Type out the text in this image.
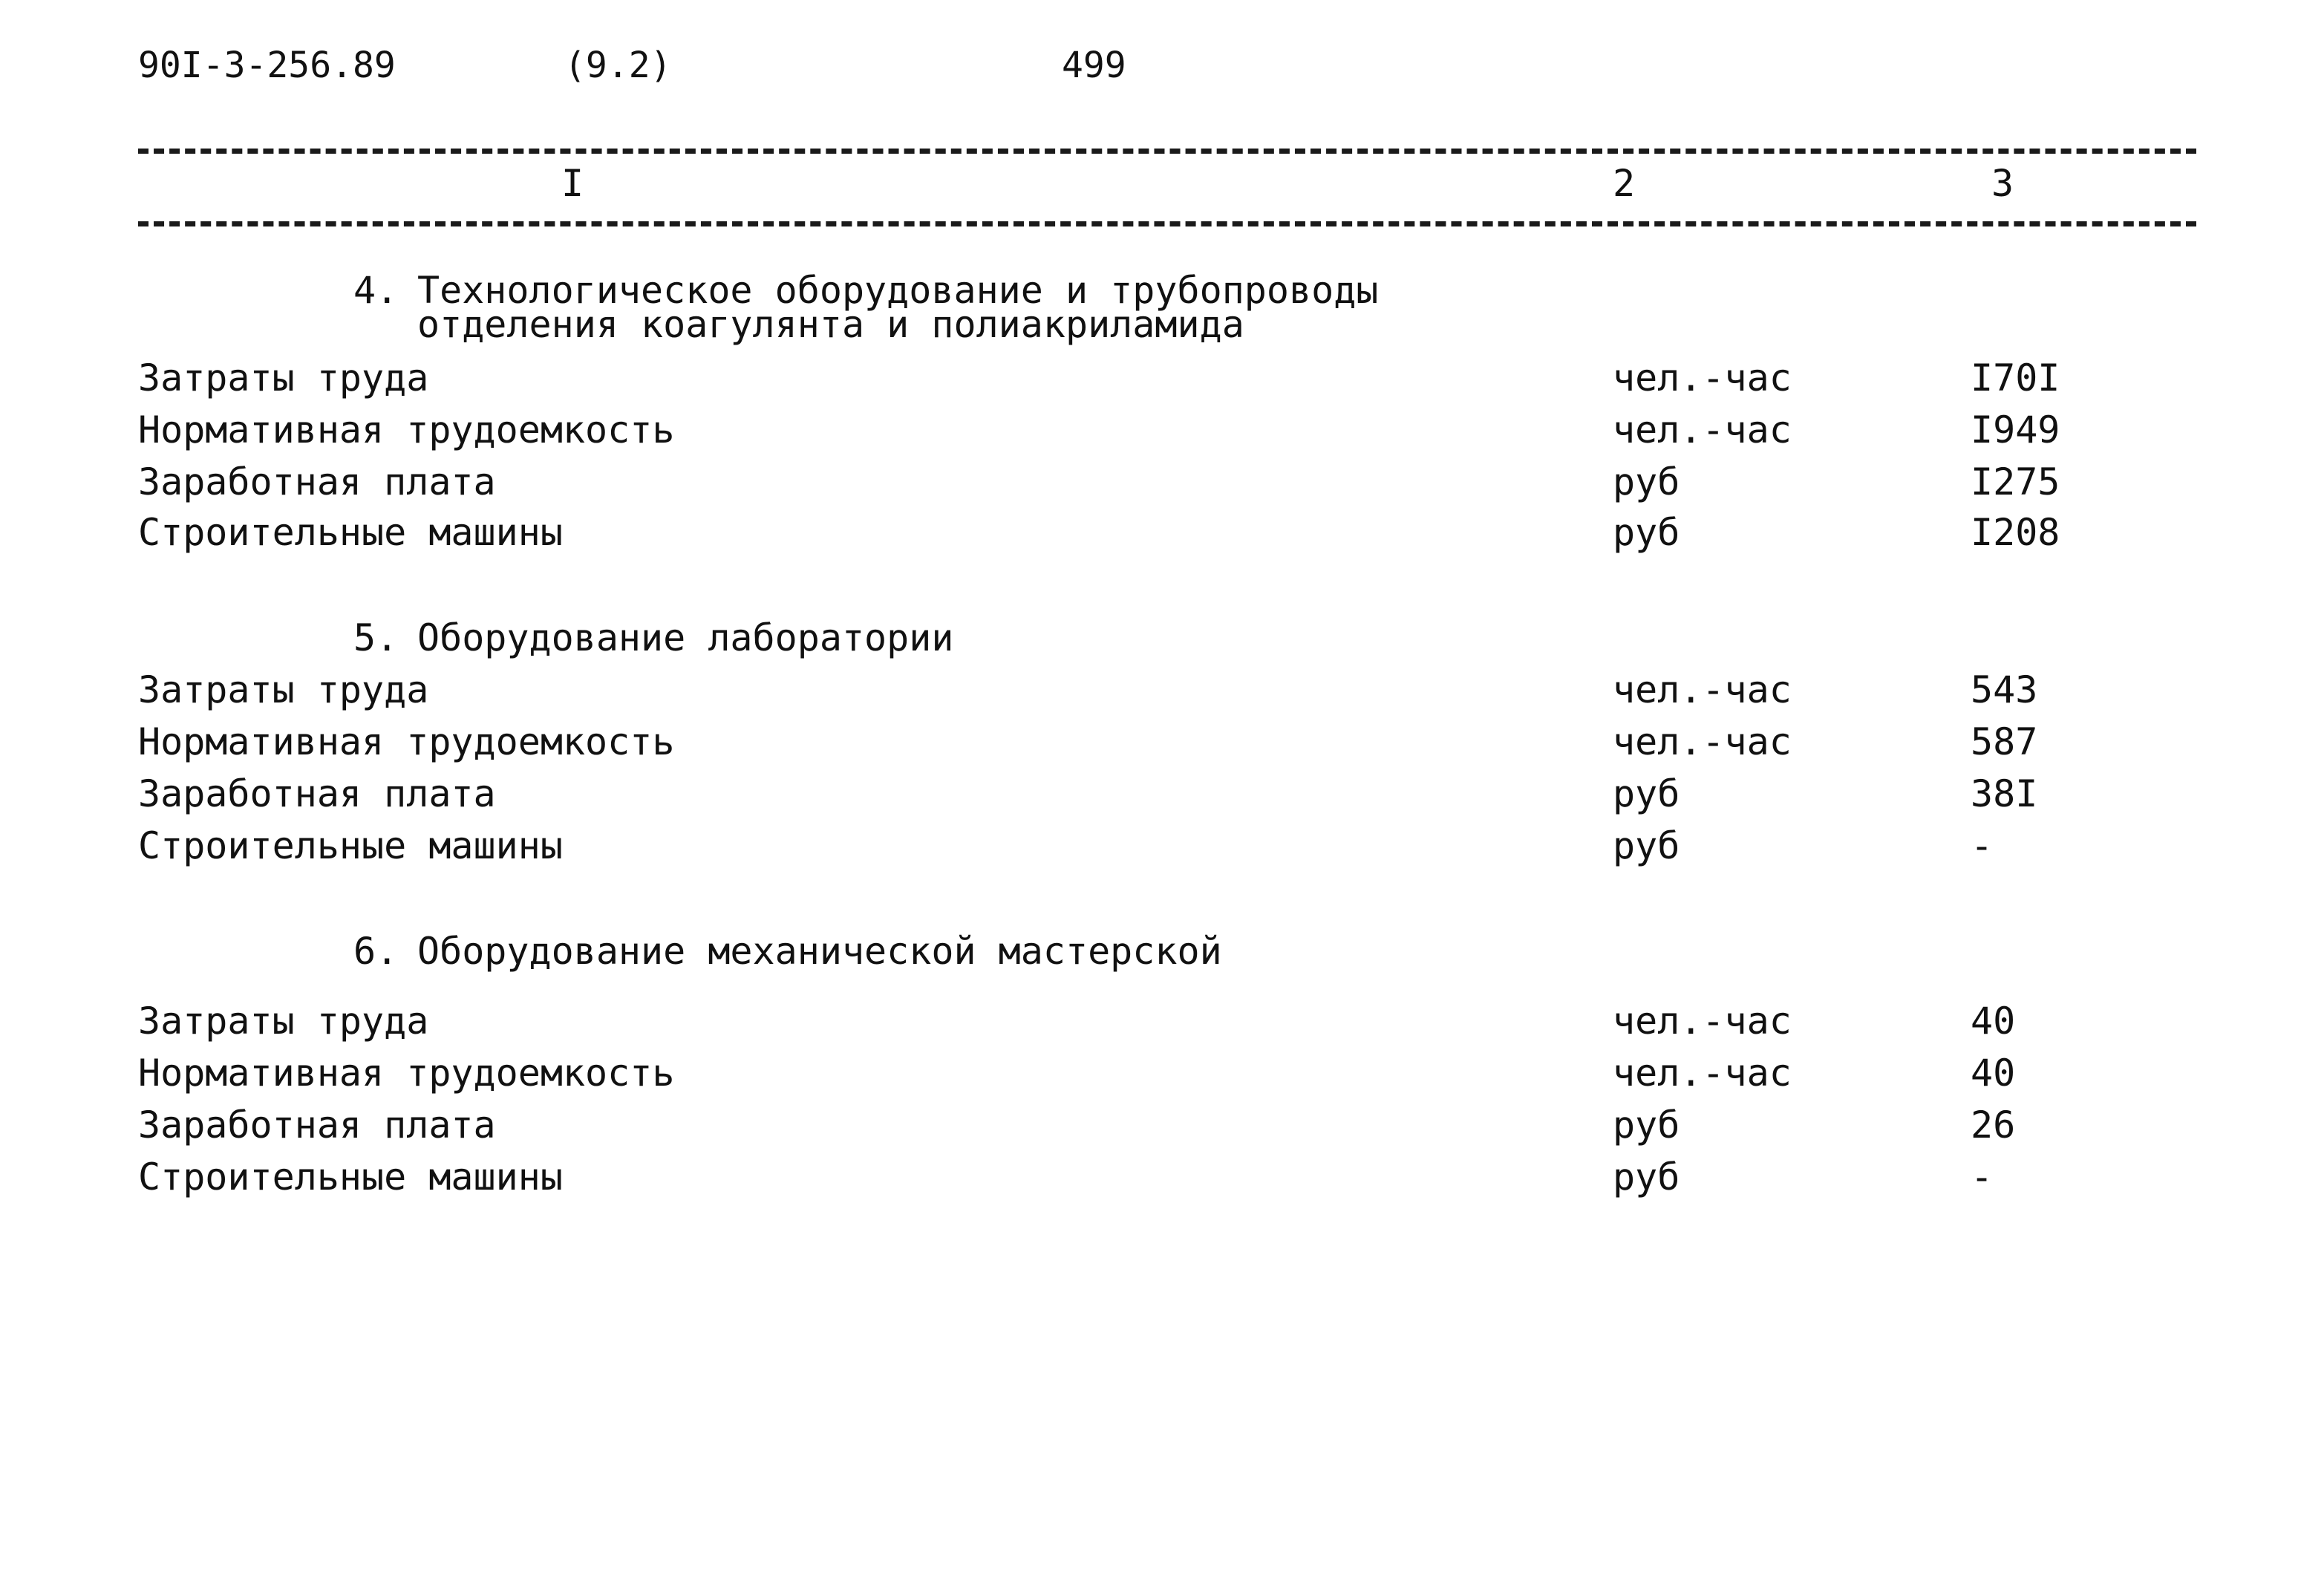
90I-3-256.89	(9.2)	499
I	2	3
4. Технологическое оборудование и трубопроводы
отделения коагулянта и полиакриламида
Затраты труда	чел.-час	I70I
Нормативная трудоемкость	чел.-час	I949
Заработная плата	руб	I275
Строительные машины	руб	I208
5. Оборудование лаборатории
Затраты труда	чел.-час	543
Нормативная трудоемкость	чел.-час	587
Заработная плата	руб	38I
Строительные машины	руб	-
6. Оборудование механической мастерской
Затраты труда	чел.-час	40
Нормативная трудоемкость	чел.-час	40
Заработная плата	руб	26
Строительные машины	руб	-
